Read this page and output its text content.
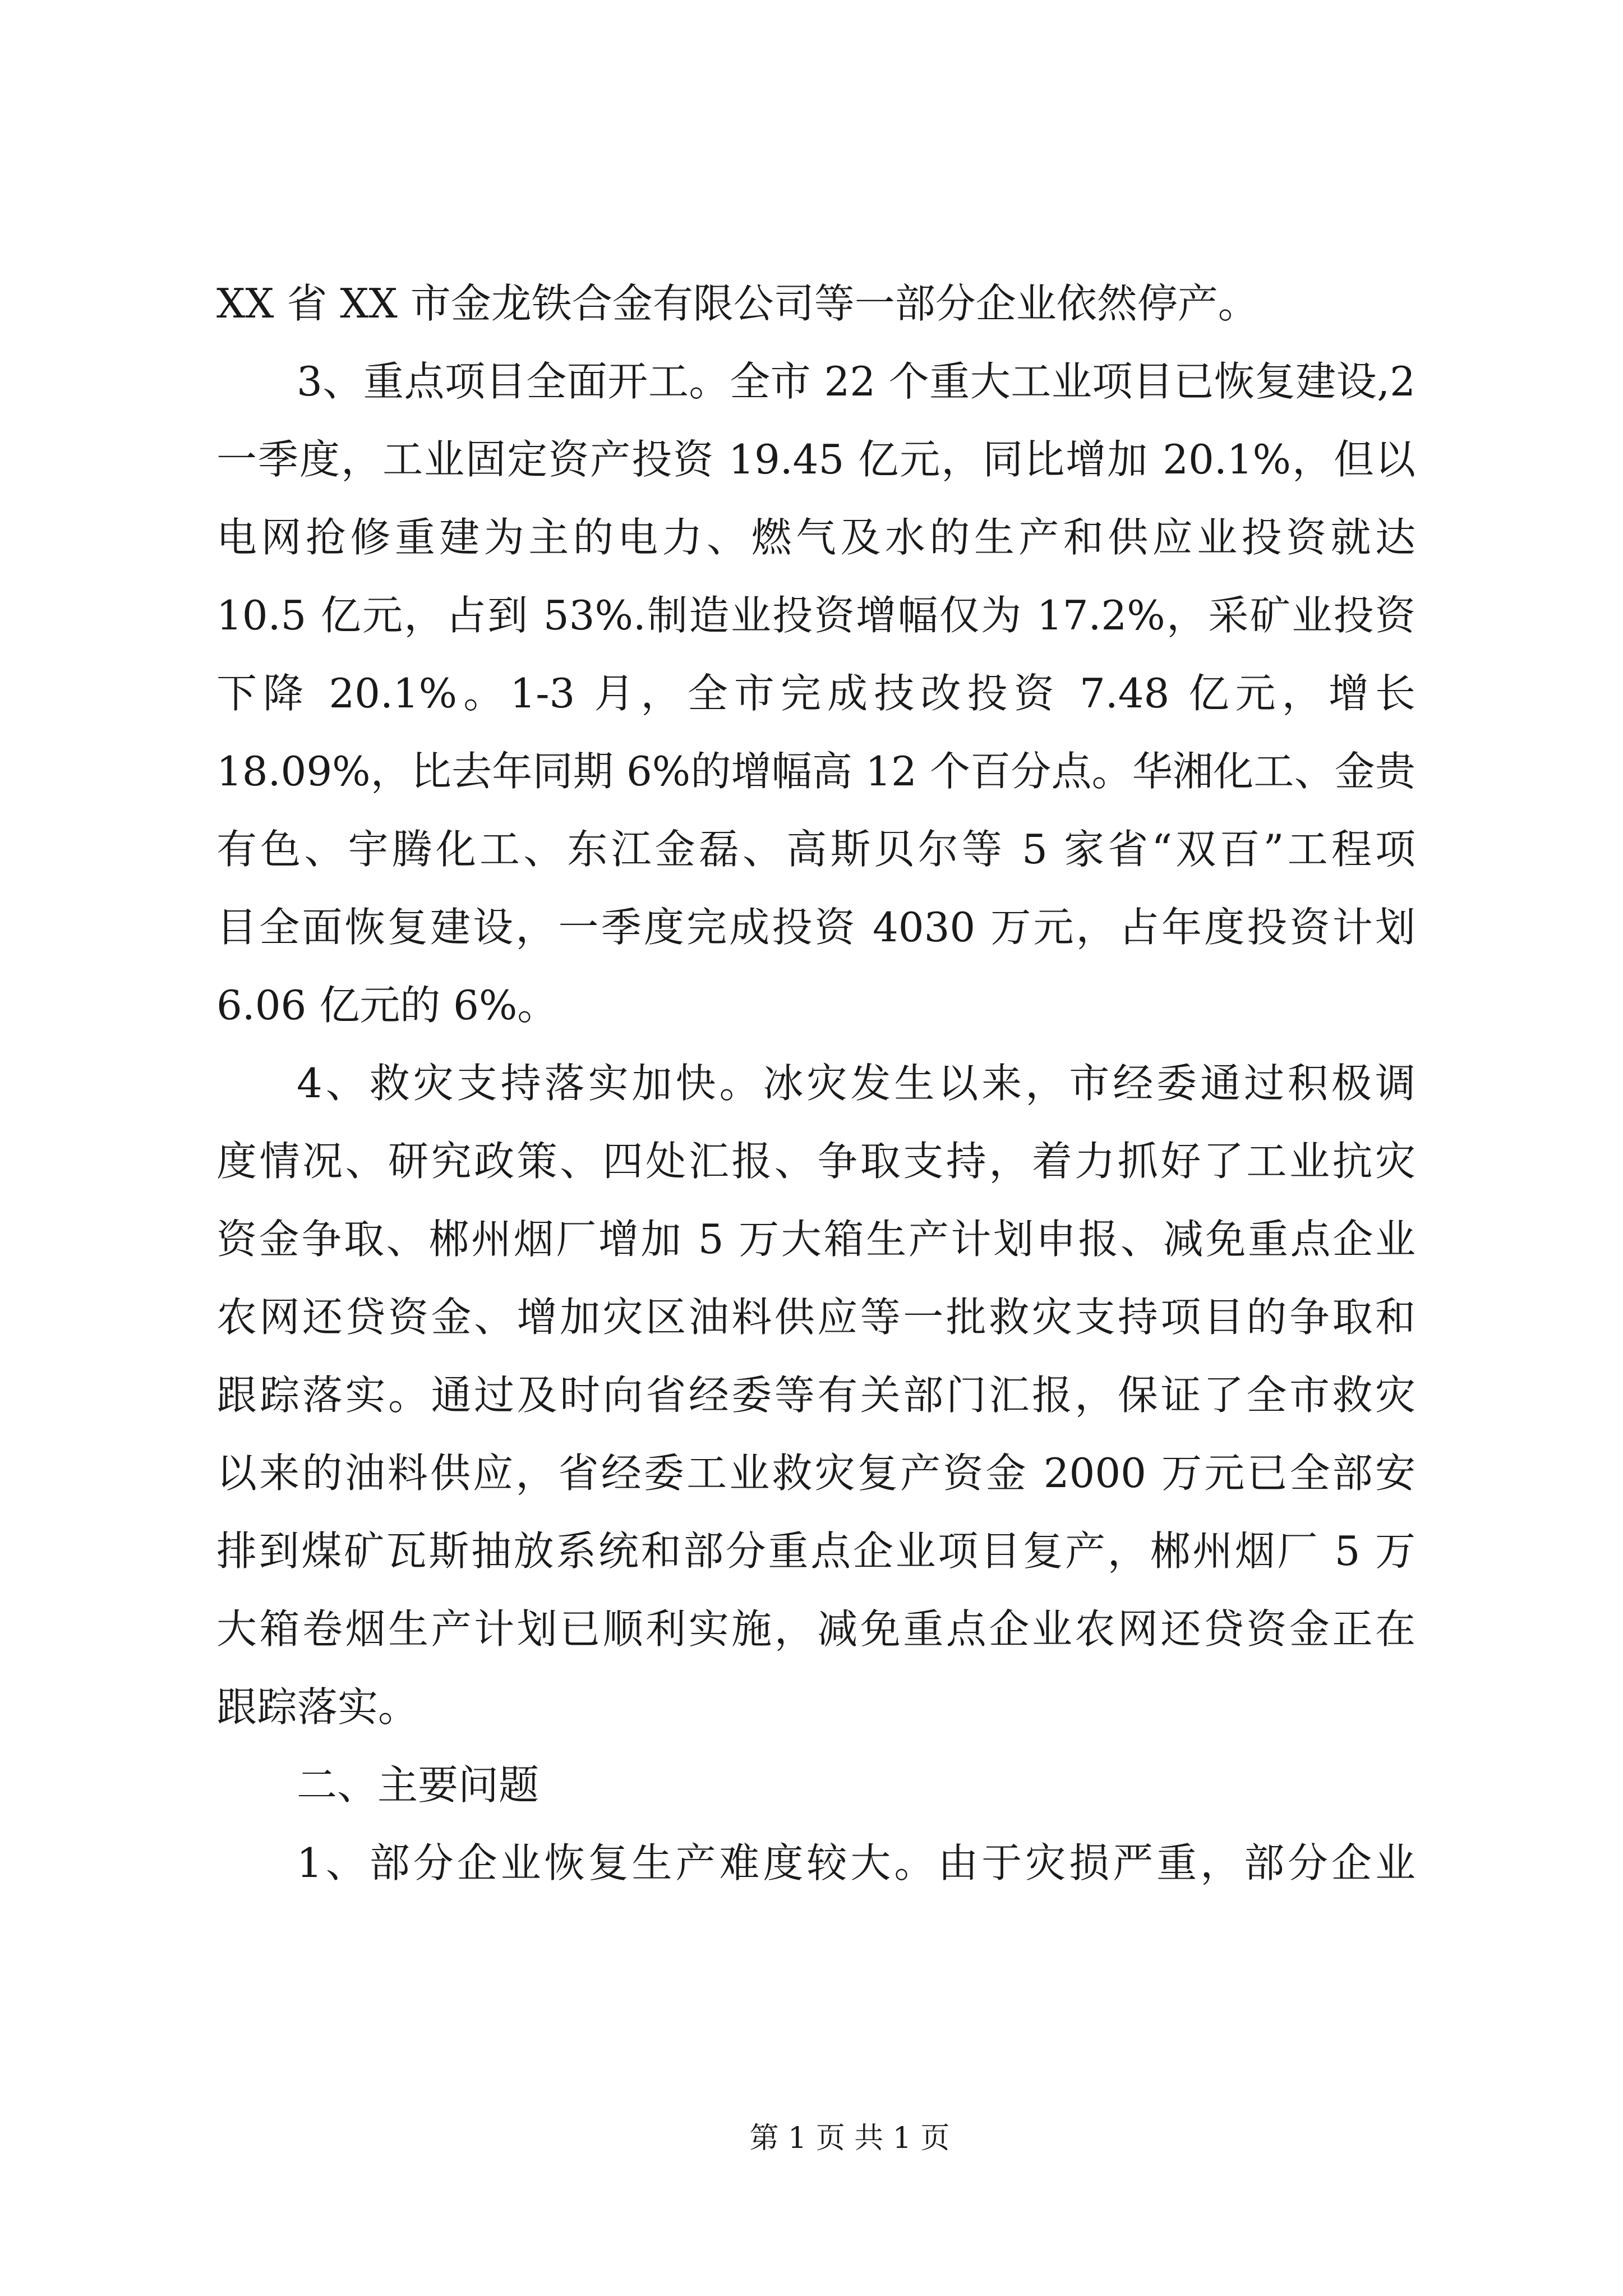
XX 省 XX 市金龙铁合金有限公司等一部分企业依然停产。
3、重点项目全面开工。全市 22 个重大工业项目已恢复建设,2
一季度，工业固定资产投资 19.45 亿元，同比增加 20.1%，但以
电网抢修重建为主的电力、燃气及水的生产和供应业投资就达
10.5 亿元，占到 53%.制造业投资增幅仅为 17.2%，采矿业投资
下降 20.1%。1-3 月，全市完成技改投资 7.48 亿元，增长
18.09%，比去年同期 6%的增幅高 12 个百分点。华湘化工、金贵
有色、宇腾化工、东江金磊、高斯贝尔等 5 家省“双百”工程项
目全面恢复建设，一季度完成投资 4030 万元，占年度投资计划
6.06 亿元的 6%。
4、救灾支持落实加快。冰灾发生以来，市经委通过积极调
度情况、研究政策、四处汇报、争取支持，着力抓好了工业抗灾
资金争取、郴州烟厂增加 5 万大箱生产计划申报、减免重点企业
农网还贷资金、增加灾区油料供应等一批救灾支持项目的争取和
跟踪落实。通过及时向省经委等有关部门汇报，保证了全市救灾
以来的油料供应，省经委工业救灾复产资金 2000 万元已全部安
排到煤矿瓦斯抽放系统和部分重点企业项目复产，郴州烟厂 5 万
大箱卷烟生产计划已顺利实施，减免重点企业农网还贷资金正在
跟踪落实。
二、主要问题
1、部分企业恢复生产难度较大。由于灾损严重，部分企业
第 1 页 共 1 页
